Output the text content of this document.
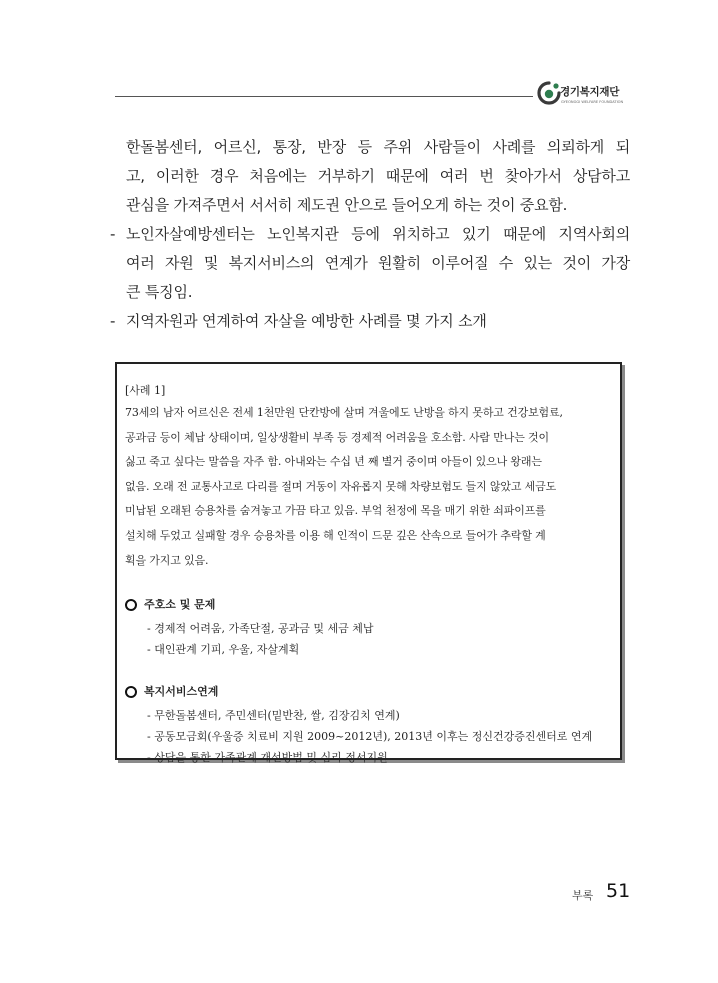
경기복지재단
GYEONGGI WELFARE FOUNDATION
한돌봄센터, 어르신, 통장, 반장 등 주위 사람들이 사례를 의뢰하게 되
고, 이러한 경우 처음에는 거부하기 때문에 여러 번 찾아가서 상담하고
관심을 가져주면서 서서히 제도권 안으로 들어오게 하는 것이 중요함.
- 노인자살예방센터는 노인복지관 등에 위치하고 있기 때문에 지역사회의
여러 자원 및 복지서비스의 연계가 원활히 이루어질 수 있는 것이 가장
큰 특징임.
- 지역자원과 연계하여 자살을 예방한 사례를 몇 가지 소개
[사례 1]
73세의 남자 어르신은 전세 1천만원 단칸방에 살며 겨울에도 난방을 하지 못하고 건강보험료,
공과금 등이 체납 상태이며, 일상생활비 부족 등 경제적 어려움을 호소함. 사람 만나는 것이
싫고 죽고 싶다는 말씀을 자주 함. 아내와는 수십 년 째 별거 중이며 아들이 있으나 왕래는
없음. 오래 전 교통사고로 다리를 절며 거동이 자유롭지 못해 차량보험도 들지 않았고 세금도
미납된 오래된 승용차를 숨겨놓고 가끔 타고 있음. 부엌 천정에 목을 매기 위한 쇠파이프를
설치해 두었고 실패할 경우 승용차를 이용 해 인적이 드문 깊은 산속으로 들어가 추락할 계
획을 가지고 있음.
주호소 및 문제
- 경제적 어려움, 가족단절, 공과금 및 세금 체납
- 대인관계 기피, 우울, 자살계획
복지서비스연계
- 무한돌봄센터, 주민센터(밑반찬, 쌀, 김장김치 연계)
- 공동모금회(우울증 치료비 지원 2009~2012년), 2013년 이후는 정신건강증진센터로 연계
- 상담을 통한 가족관계 개선방법 및 심리 정서지원
부록 51
